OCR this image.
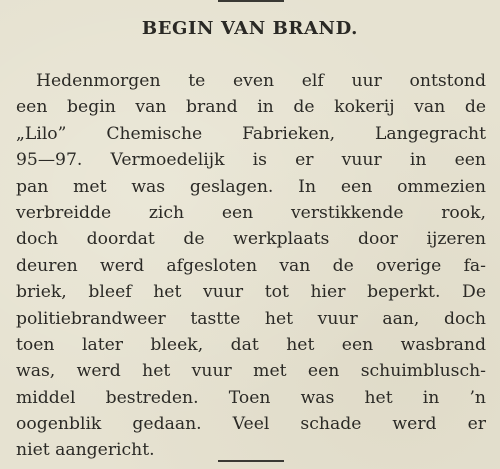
BEGIN VAN BRAND.
Hedenmorgen te even elf uur ontstond
een begin van brand in de kokerij van de
„Lilo” Chemische Fabrieken, Langegracht
95—97. Vermoedelijk is er vuur in een
pan met was geslagen. In een ommezien
verbreidde zich een verstikkende rook,
doch doordat de werkplaats door ijzeren
deuren werd afgesloten van de overige fa-
briek, bleef het vuur tot hier beperkt. De
politiebrandweer tastte het vuur aan, doch
toen later bleek, dat het een wasbrand
was, werd het vuur met een schuimblusch-
middel bestreden. Toen was het in ’n
oogenblik gedaan. Veel schade werd er
niet aangericht.
